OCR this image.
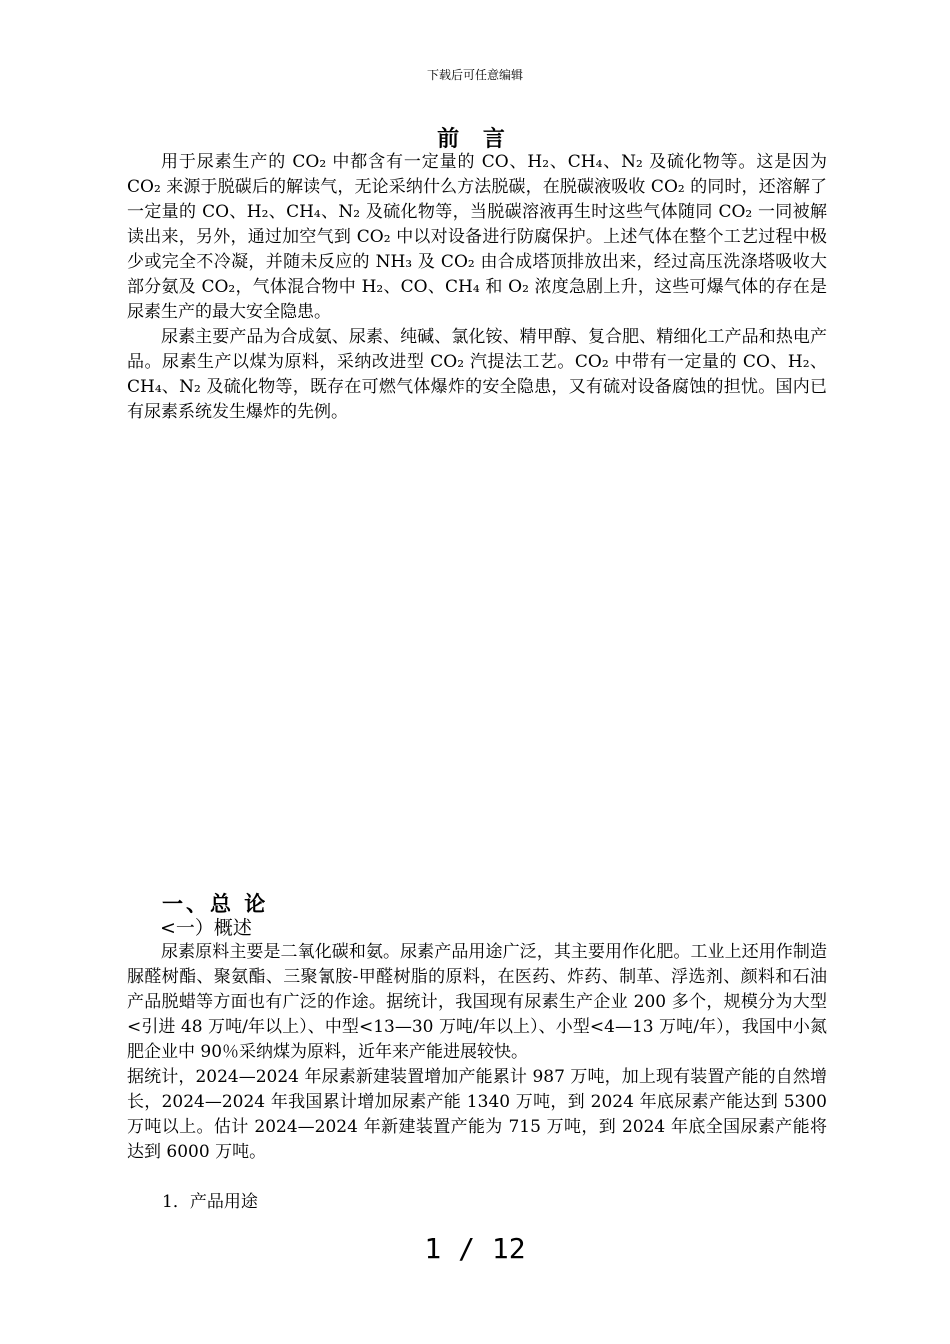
下载后可任意编辑
前 言

用于尿素生产的 CO₂ 中都含有一定量的 CO、H₂、CH₄、N₂ 及硫化物等。这是因为 CO₂ 来源于脱碳后的解读气，无论采纳什么方法脱碳，在脱碳液吸收 CO₂ 的同时，还溶解了一定量的 CO、H₂、CH₄、N₂ 及硫化物等，当脱碳溶液再生时这些气体随同 CO₂ 一同被解读出来，另外，通过加空气到 CO₂ 中以对设备进行防腐保护。上述气体在整个工艺过程中极少或完全不冷凝，并随未反应的 NH₃ 及 CO₂ 由合成塔顶排放出来，经过高压洗涤塔吸收大部分氨及 CO₂，气体混合物中 H₂、CO、CH₄ 和 O₂ 浓度急剧上升，这些可爆气体的存在是尿素生产的最大安全隐患。

尿素主要产品为合成氨、尿素、纯碱、氯化铵、精甲醇、复合肥、精细化工产品和热电产品。尿素生产以煤为原料，采纳改进型 CO₂ 汽提法工艺。CO₂ 中带有一定量的 CO、H₂、CH₄、N₂ 及硫化物等，既存在可燃气体爆炸的安全隐患，又有硫对设备腐蚀的担忧。国内已有尿素系统发生爆炸的先例。

一、总 论
<一）概述

尿素原料主要是二氧化碳和氨。尿素产品用途广泛，其主要用作化肥。工业上还用作制造脲醛树酯、聚氨酯、三聚氰胺-甲醛树脂的原料，在医药、炸药、制革、浮选剂、颜料和石油产品脱蜡等方面也有广泛的作途。据统计，我国现有尿素生产企业 200 多个，规模分为大型<引进 48 万吨/年以上）、中型<13—30 万吨/年以上）、小型<4—13 万吨/年），我国中小氮肥企业中 90％采纳煤为原料，近年来产能进展较快。

据统计，2024—2024 年尿素新建装置增加产能累计 987 万吨，加上现有装置产能的自然增长，2024—2024 年我国累计增加尿素产能 1340 万吨，到 2024 年底尿素产能达到 5300 万吨以上。估计 2024—2024 年新建装置产能为 715 万吨，到 2024 年底全国尿素产能将达到 6000 万吨。

1．产品用途
1 / 12
